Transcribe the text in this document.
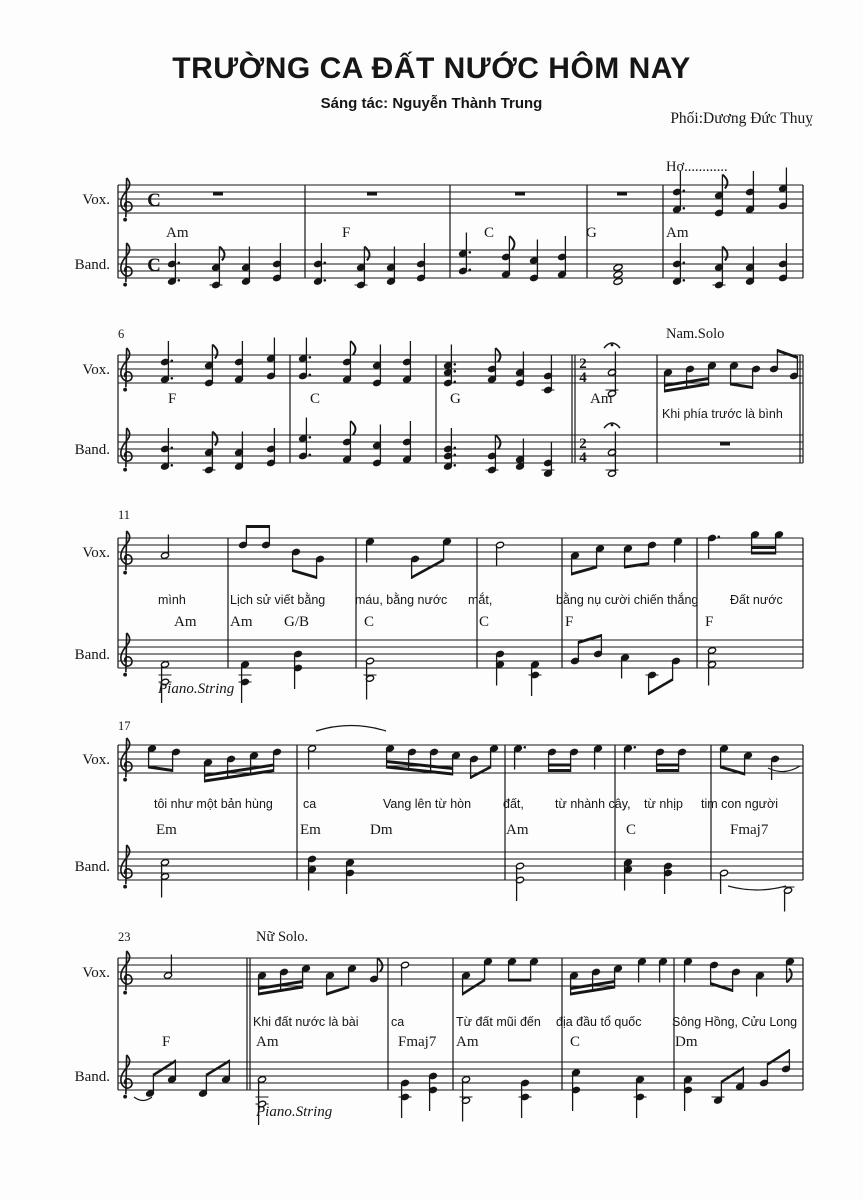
TRƯỜNG CA ĐẤT NƯỚC HÔM NAY
Sáng tác: Nguyễn Thành Trung
Phối:Dương Đức Thuỵ
Vox. C
Band. C
Am	F	C	G	Am
Hơ............
Vox.	2
4
Band.	2
4
F	C	G	Am
Khi phía trước là bình
6	Nam.Solo
Vox.
Band.
Am Am G/B	C	C	F	F
mình	Lịch sử viết bằng máu, bằng nước mắt,	bằng nụ cười chiến thắng	Đất nước
11
Piano.String
Vox.
Band.
Em	Em	Dm	Am	C	Fmaj7
tôi như một bản hùng ca	Vang lên từ hòn	đất, từ nhành cây, từ nhịp tim con người
17
Vox.
Band.
F	Am	Fmaj7 Am	C	Dm
Khi đất nước là bài	ca	Từ đất mũi đến địa đầu tổ quốc Sông Hồng, Cửu Long
23	Nữ Solo.
Piano.String
